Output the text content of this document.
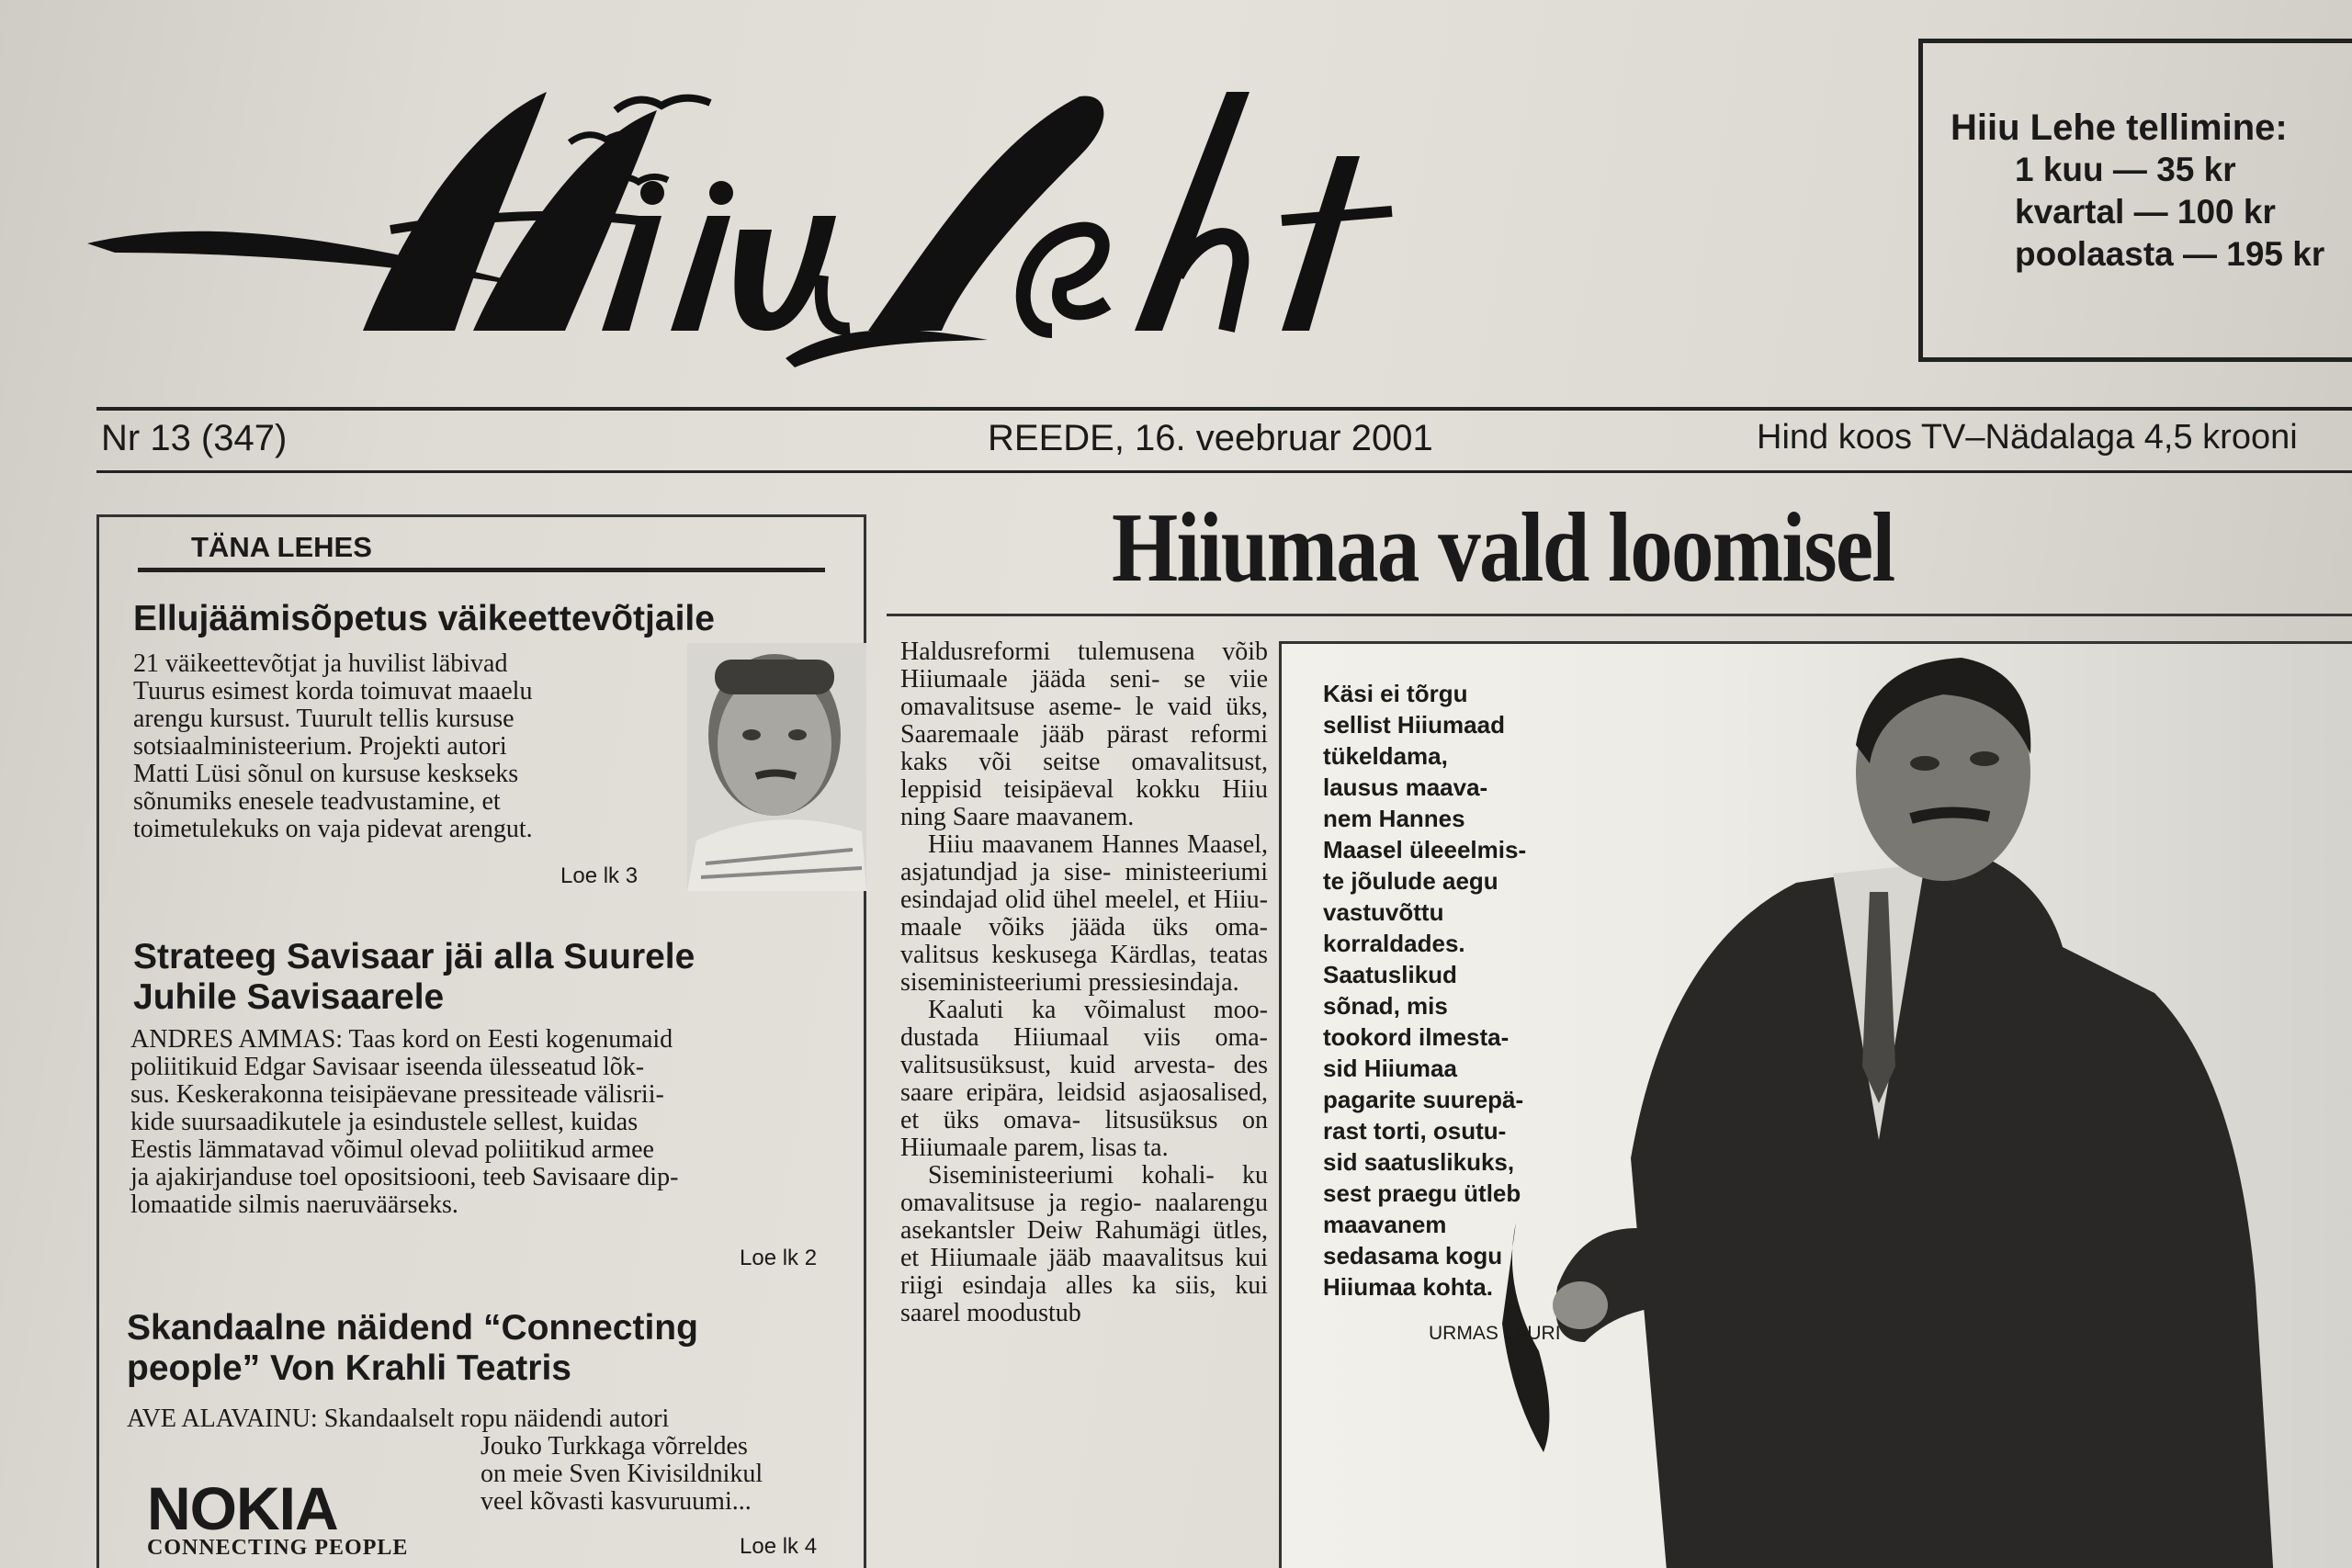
Hiiu Lehe tellimine:
1 kuu — 35 kr
kvartal — 100 kr
poolaasta — 195 kr
Nr 13 (347)	REEDE, 16. veebruar 2001	Hind koos TV–Nädalaga 4,5 krooni
TÄNA LEHES
Ellujäämisõpetus väikeettevõtjaile
21 väikeettevõtjat ja huvilist läbivad
Tuurus esimest korda toimuvat maaelu
arengu kursust. Tuurult tellis kursuse
sotsiaalministeerium. Projekti autori
Matti Lüsi sõnul on kursuse keskseks
sõnumiks enesele teadvustamine, et
toimetulekuks on vaja pidevat arengut.
Loe lk 3
Strateeg Savisaar jäi alla Suurele
Juhile Savisaarele
ANDRES AMMAS: Taas kord on Eesti kogenumaid
poliitikuid Edgar Savisaar iseenda ülesseatud lõk-
sus. Keskerakonna teisipäevane pressiteade välisrii-
kide suursaadikutele ja esindustele sellest, kuidas
Eestis lämmatavad võimul olevad poliitikud armee
ja ajakirjanduse toel opositsiooni, teeb Savisaare dip-
lomaatide silmis naeruväärseks.
Loe lk 2
Skandaalne näidend “Connecting
people” Von Krahli Teatris
AVE ALAVAINU: Skandaalselt ropu näidendi autori
Jouko Turkkaga võrreldes
on meie Sven Kivisildnikul
veel kõvasti kasvuruumi...
Loe lk 4
NOKIA
CONNECTING PEOPLE
Hiiumaa vald loomisel

Haldusreformi tulemusena võib Hiiumaale jääda seni- se viie omavalitsuse aseme- le vaid üks, Saaremaale jääb pärast reformi kaks või seitse omavalitsust, leppisid teisipäeval kokku Hiiu ning Saare maavanem.

Hiiu maavanem Hannes Maasel, asjatundjad ja sise- ministeeriumi esindajad olid ühel meelel, et Hiiu- maale võiks jääda üks oma- valitsus keskusega Kärdlas, teatas siseministeeriumi pressiesindaja.

Kaaluti ka võimalust moo- dustada Hiiumaal viis oma- valitsusüksust, kuid arvesta- des saare eripära, leidsid asjaosalised, et üks omava- litsusüksus on Hiiumaale parem, lisas ta.

Siseministeeriumi kohali- ku omavalitsuse ja regio- naalarengu asekantsler Deiw Rahumägi ütles, et Hiiumaale jääb maavalitsus kui riigi esindaja alles ka siis, kui saarel moodustub

Käsi ei tõrgu
sellist Hiiumaad
tükeldama,
lausus maava-
nem Hannes
Maasel üleeelmis-
te jõulude aegu
vastuvõttu
korraldades.
Saatuslikud
sõnad, mis
tookord ilmesta-
sid Hiiumaa
pagarite suurepä-
rast torti, osutu-
sid saatuslikuks,
sest praegu ütleb
maavanem
sedasama kogu
Hiiumaa kohta.
URMAS LAURI
